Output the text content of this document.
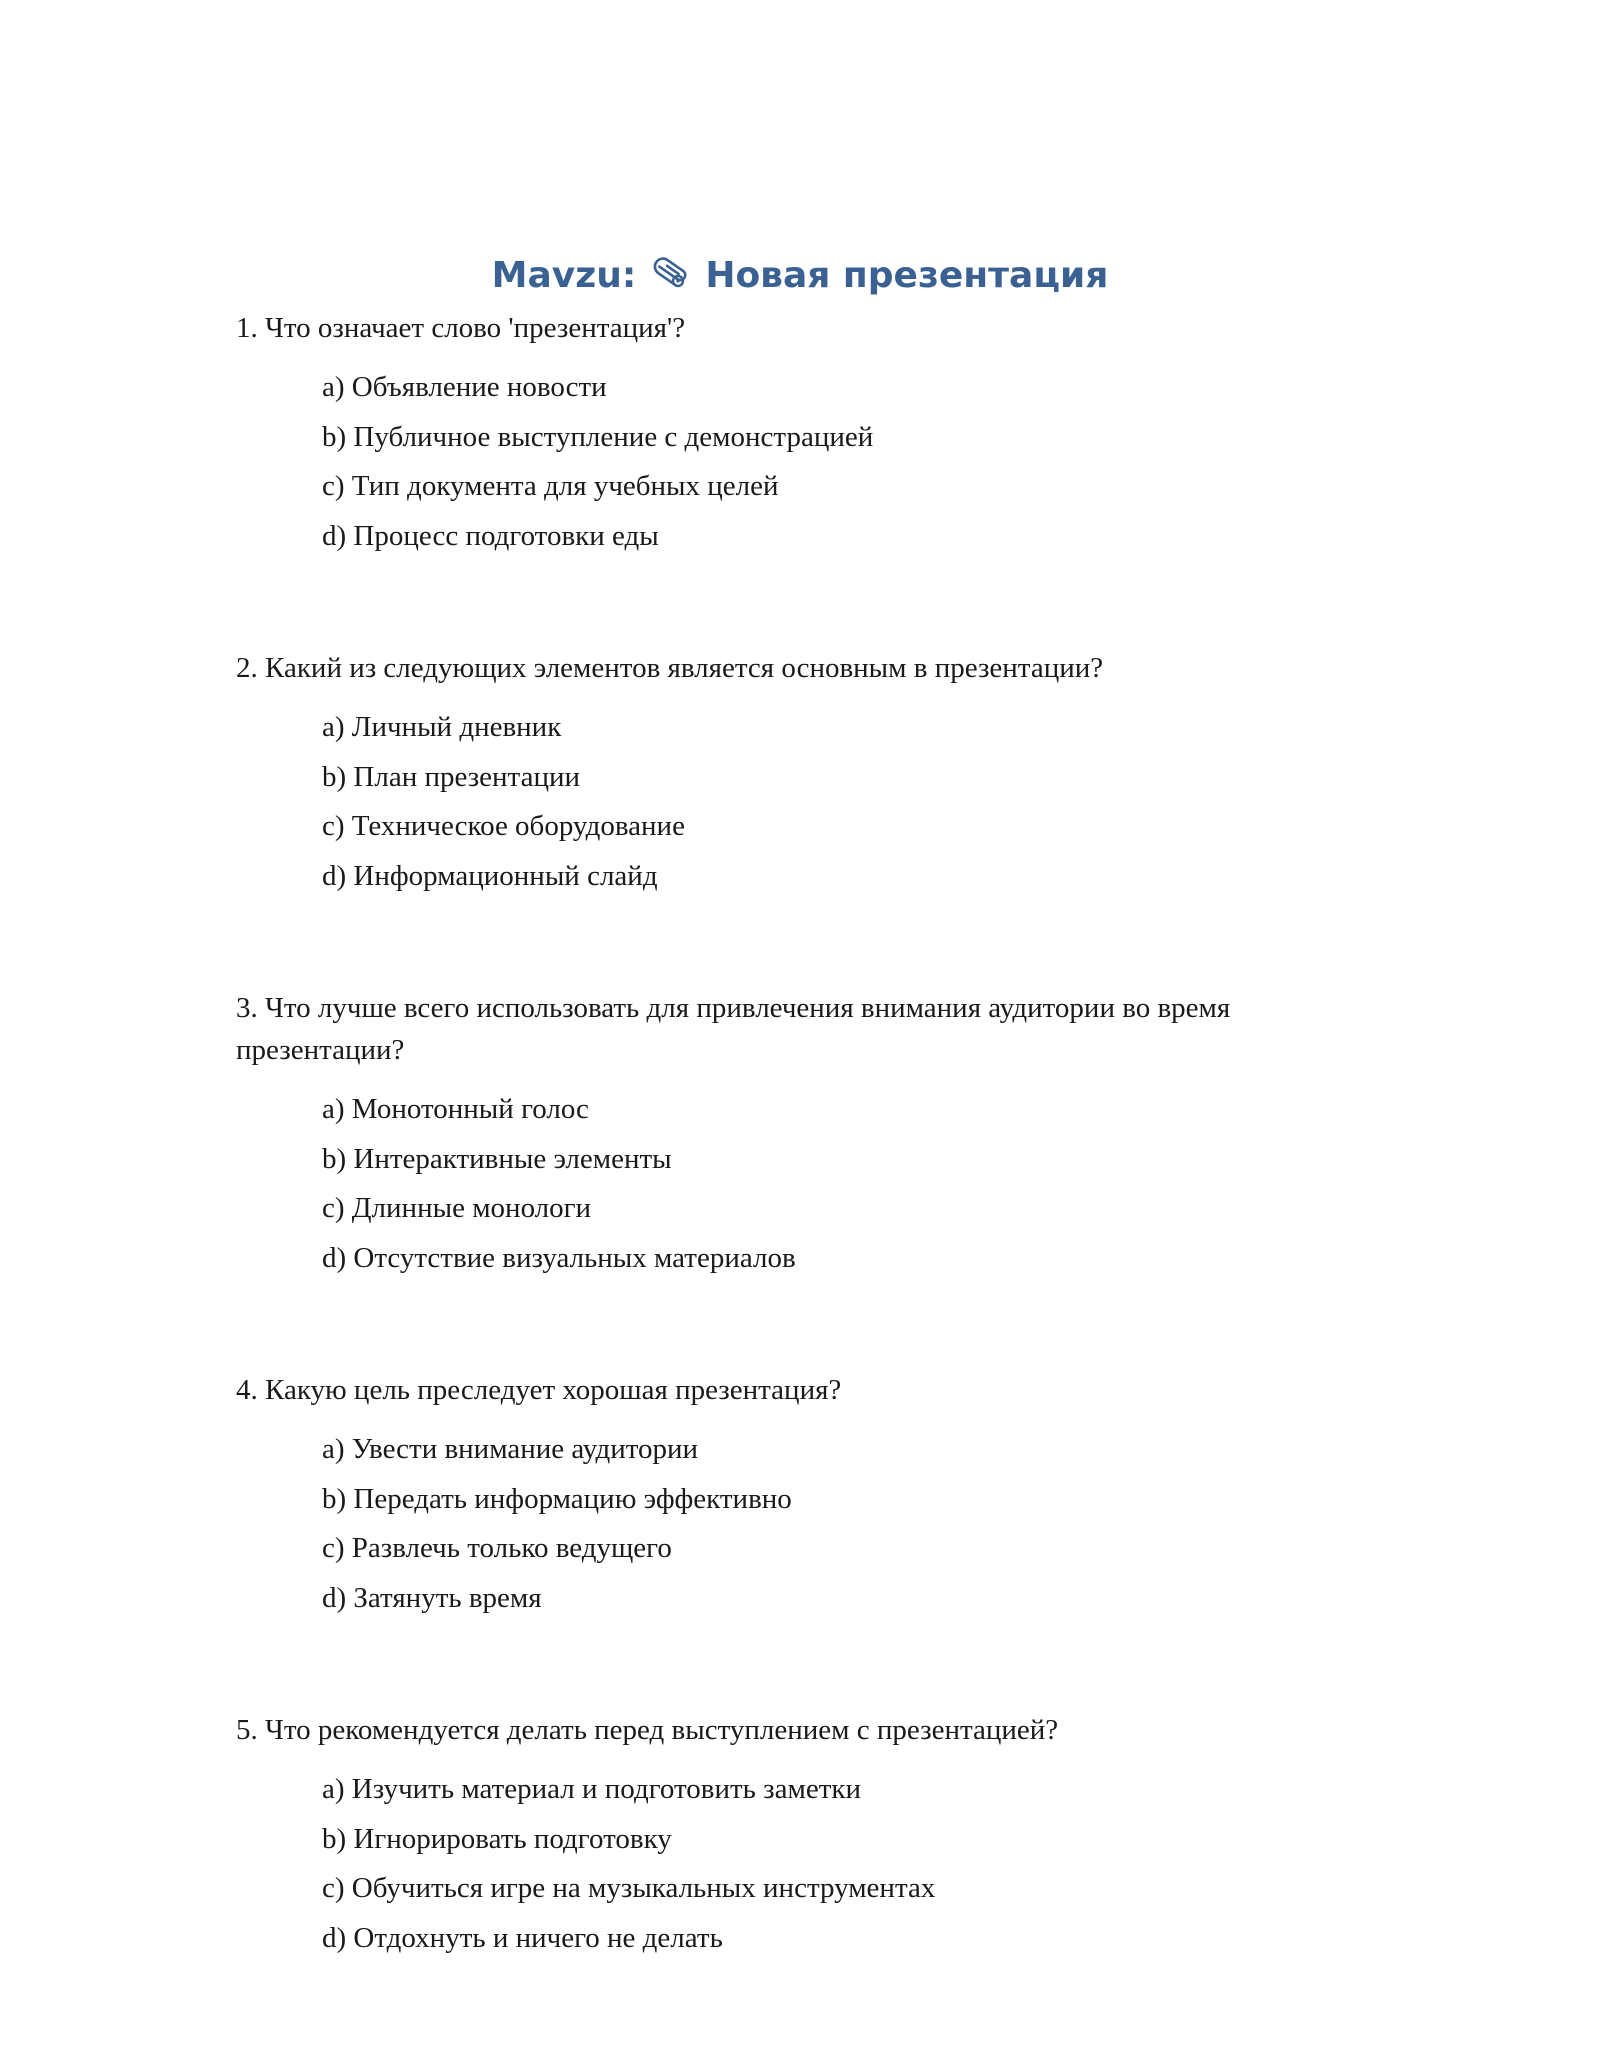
Mavzu: Новая презентация
1. Что означает слово 'презентация'?
a) Объявление новости
b) Публичное выступление с демонстрацией
c) Тип документа для учебных целей
d) Процесс подготовки еды
2. Какий из следующих элементов является основным в презентации?
a) Личный дневник
b) План презентации
c) Техническое оборудование
d) Информационный слайд
3. Что лучше всего использовать для привлечения внимания аудитории во время презентации?
a) Монотонный голос
b) Интерактивные элементы
c) Длинные монологи
d) Отсутствие визуальных материалов
4. Какую цель преследует хорошая презентация?
a) Увести внимание аудитории
b) Передать информацию эффективно
c) Развлечь только ведущего
d) Затянуть время
5. Что рекомендуется делать перед выступлением с презентацией?
a) Изучить материал и подготовить заметки
b) Игнорировать подготовку
c) Обучиться игре на музыкальных инструментах
d) Отдохнуть и ничего не делать
